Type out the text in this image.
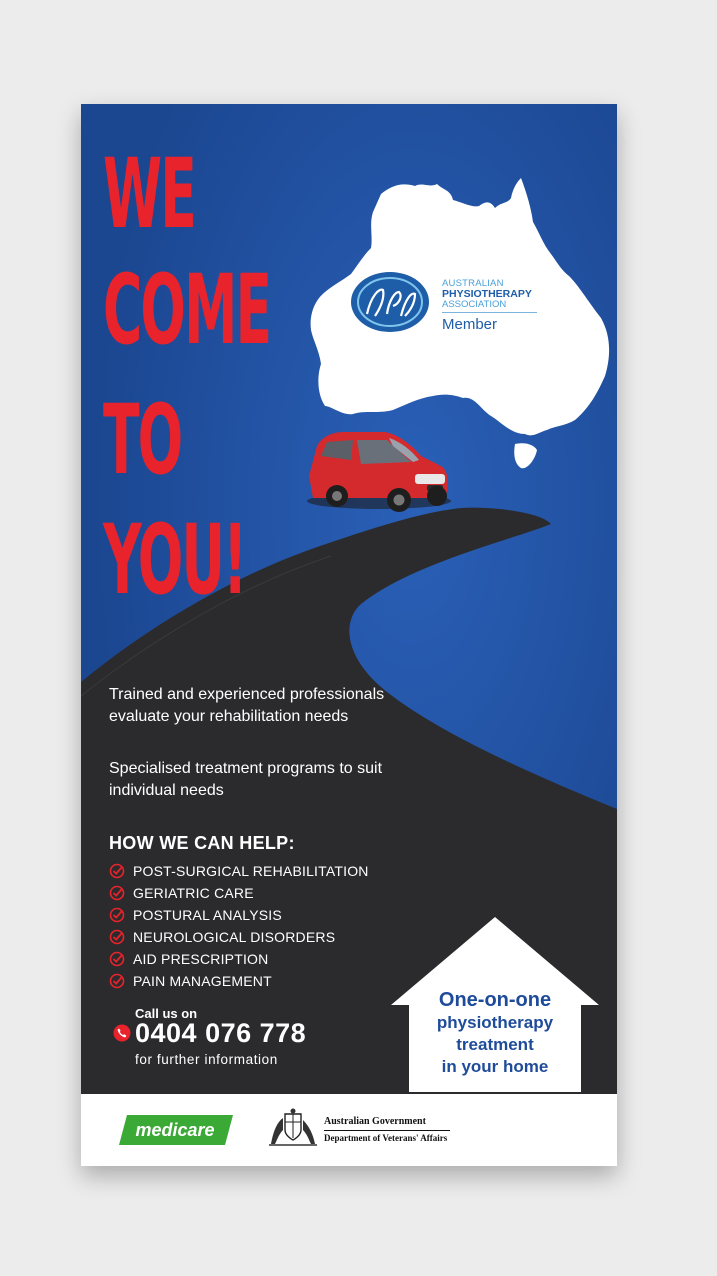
WE

COME

TO

YOU!

AUSTRALIAN

PHYSIOTHERAPY

ASSOCIATION

Member

Trained and experienced professionals evaluate your rehabilitation needs

Specialised treatment programs to suit individual needs

HOW WE CAN HELP:

POST-SURGICAL REHABILITATION
GERIATRIC CARE
POSTURAL ANALYSIS
NEUROLOGICAL DISORDERS
AID PRESCRIPTION
PAIN MANAGEMENT

Call us on

0404 076 778

for further information

One-on-one
physiotherapy
treatment
in your home

medicare	Australian Government

Department of Veterans' Affairs
